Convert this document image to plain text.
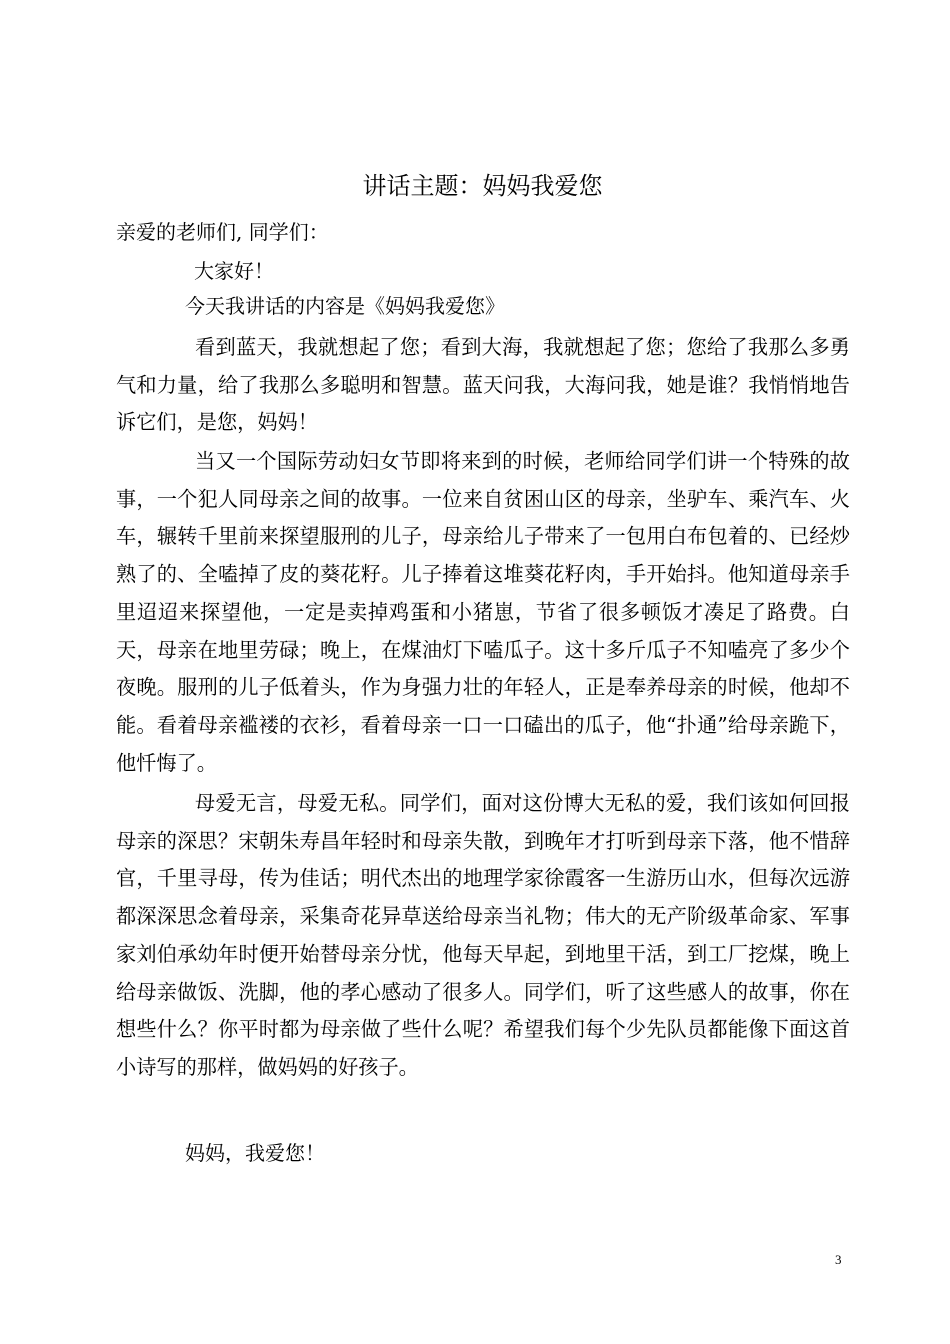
讲话主题：妈妈我爱您

亲爱的老师们, 同学们：

大家好！

今天我讲话的内容是《妈妈我爱您》

看到蓝天，我就想起了您；看到大海，我就想起了您；您给了我那么多勇气和力量，给了我那么多聪明和智慧。蓝天问我，大海问我，她是谁？我悄悄地告诉它们，是您，妈妈！

当又一个国际劳动妇女节即将来到的时候，老师给同学们讲一个特殊的故事，一个犯人同母亲之间的故事。一位来自贫困山区的母亲，坐驴车、乘汽车、火车，辗转千里前来探望服刑的儿子，母亲给儿子带来了一包用白布包着的、已经炒熟了的、全嗑掉了皮的葵花籽。儿子捧着这堆葵花籽肉，手开始抖。他知道母亲手里迢迢来探望他，一定是卖掉鸡蛋和小猪崽，节省了很多顿饭才凑足了路费。白天，母亲在地里劳碌；晚上，在煤油灯下嗑瓜子。这十多斤瓜子不知嗑亮了多少个夜晚。服刑的儿子低着头，作为身强力壮的年轻人，正是奉养母亲的时候，他却不能。看着母亲褴褛的衣衫，看着母亲一口一口磕出的瓜子，他“扑通”给母亲跪下，他忏悔了。

母爱无言，母爱无私。同学们，面对这份博大无私的爱，我们该如何回报母亲的深思？宋朝朱寿昌年轻时和母亲失散，到晚年才打听到母亲下落，他不惜辞官，千里寻母，传为佳话；明代杰出的地理学家徐霞客一生游历山水，但每次远游都深深思念着母亲，采集奇花异草送给母亲当礼物；伟大的无产阶级革命家、军事家刘伯承幼年时便开始替母亲分忧，他每天早起，到地里干活，到工厂挖煤，晚上给母亲做饭、洗脚，他的孝心感动了很多人。同学们，听了这些感人的故事，你在想些什么？你平时都为母亲做了些什么呢？希望我们每个少先队员都能像下面这首小诗写的那样，做妈妈的好孩子。

妈妈，我爱您！

3
